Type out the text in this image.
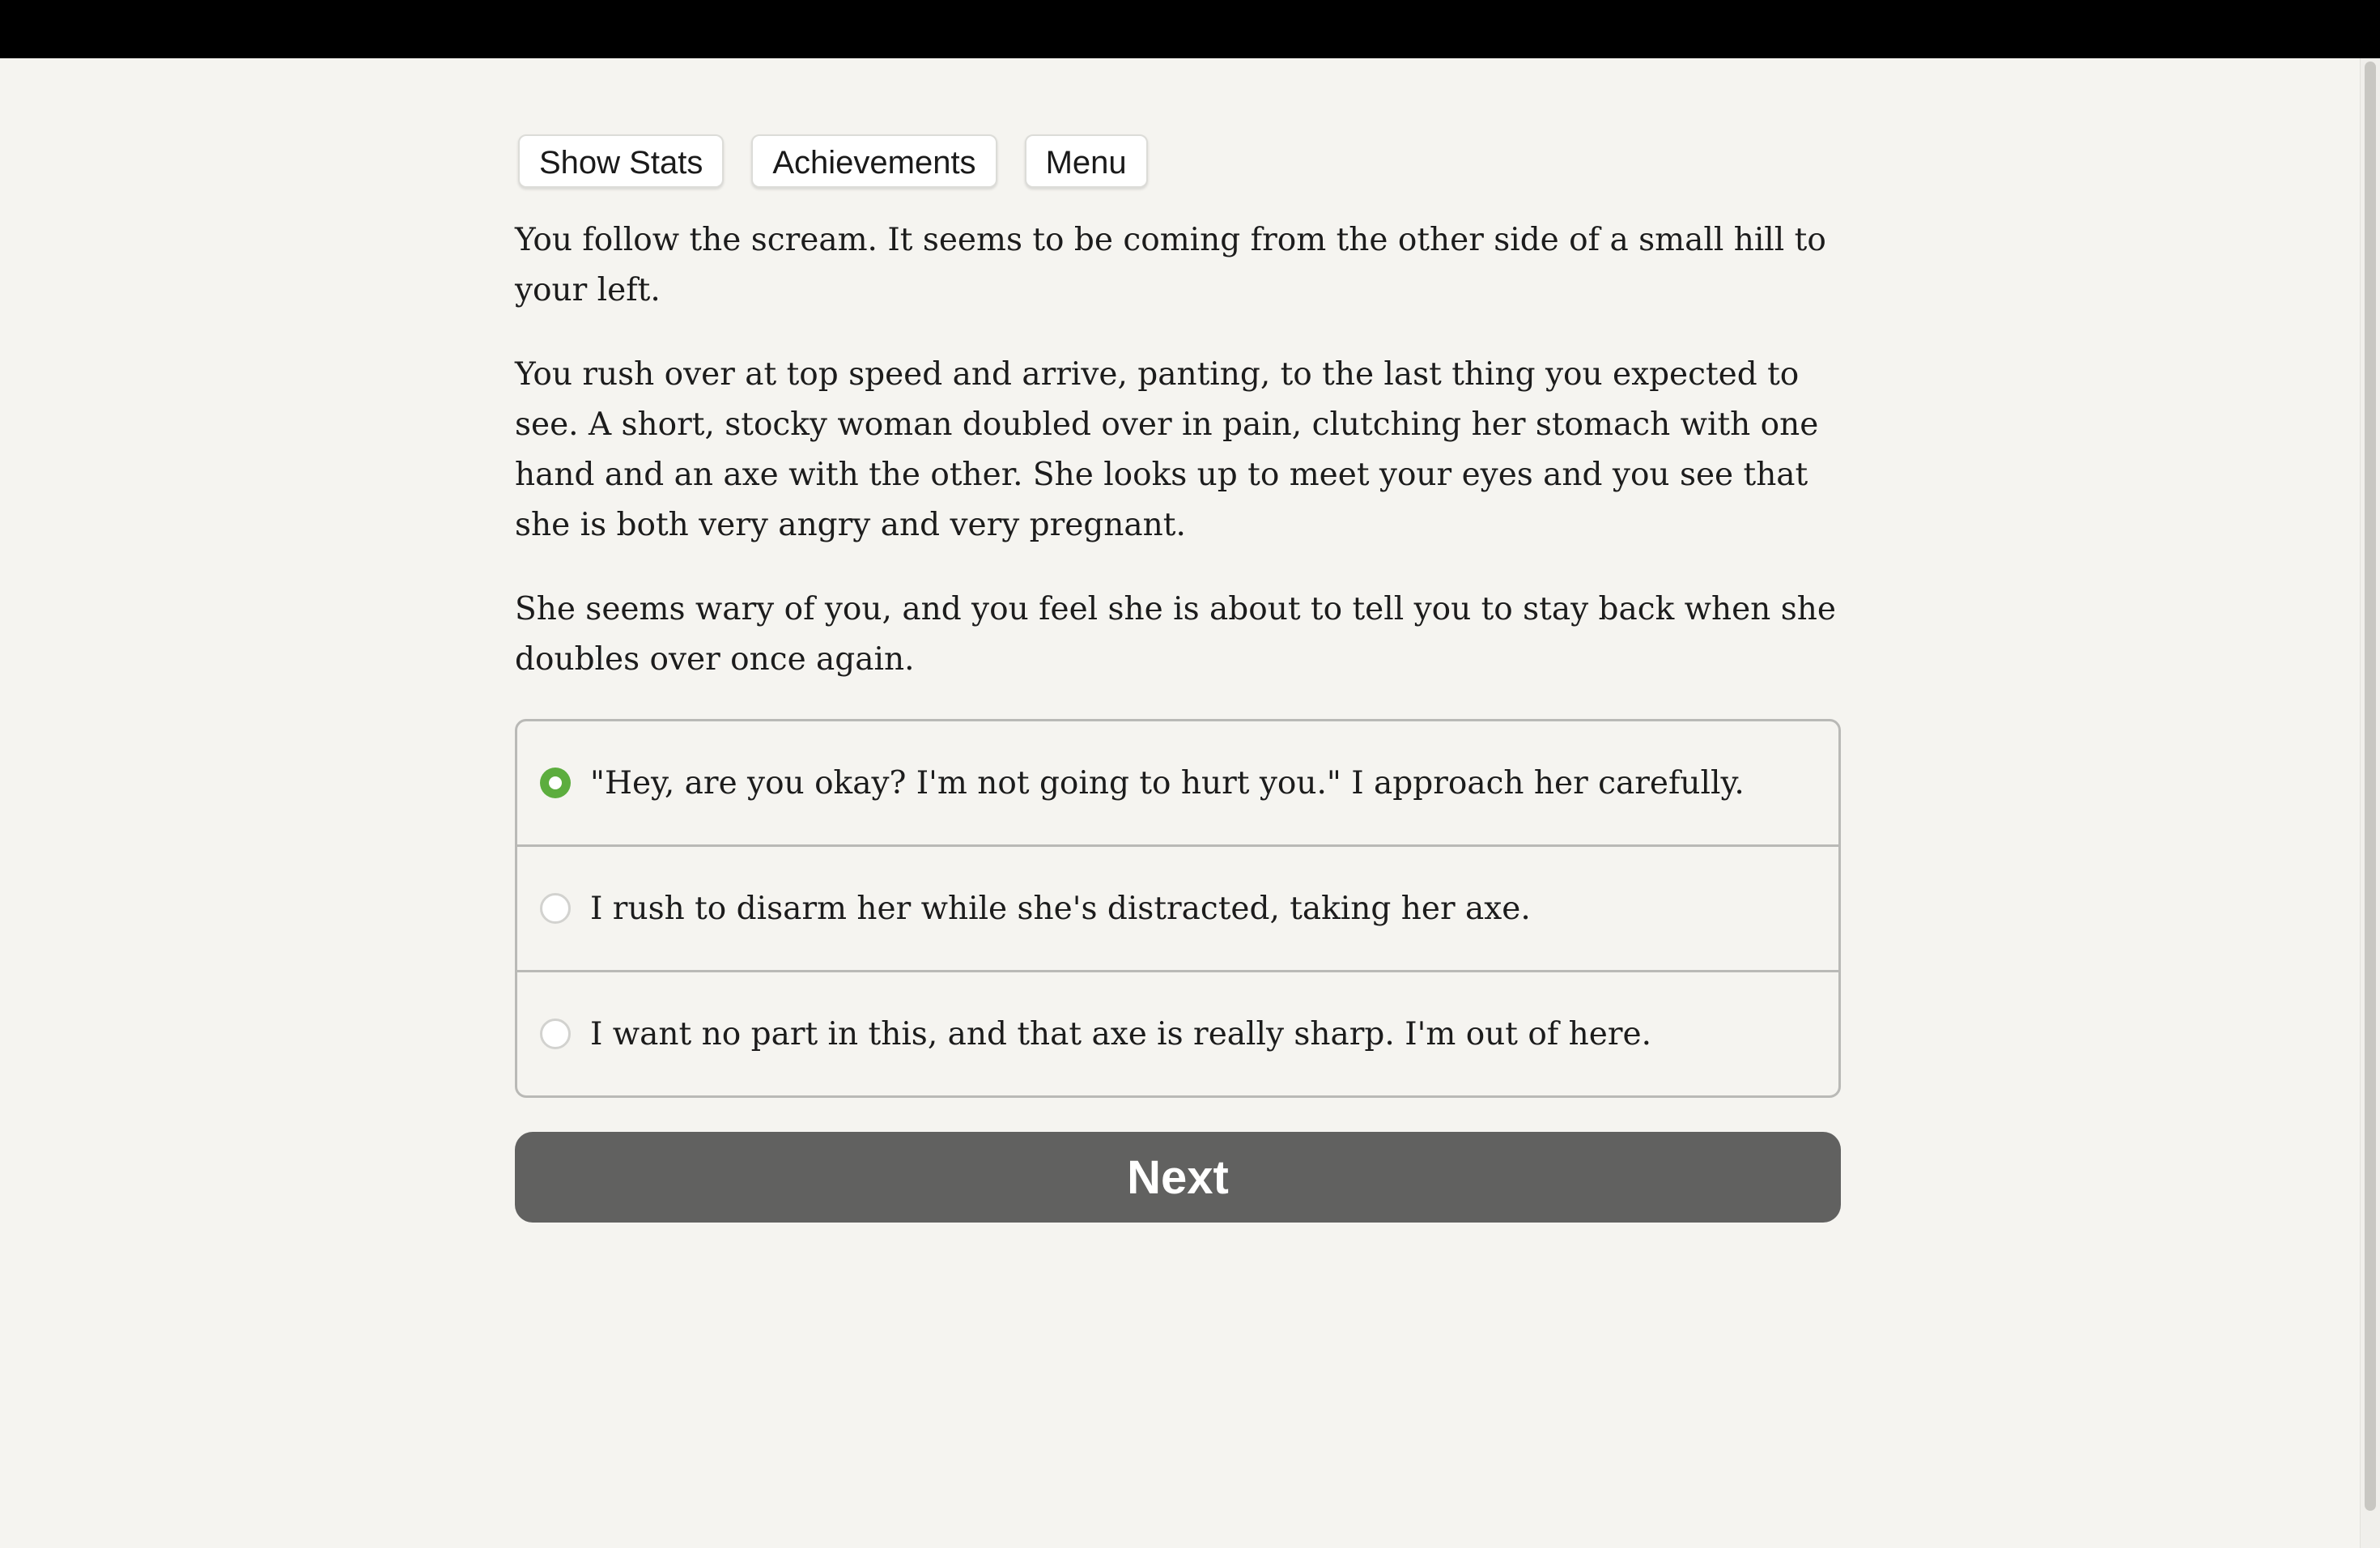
Show Stats	Achievements	Menu

You follow the scream. It seems to be coming from the other side of a small hill to your left.

You rush over at top speed and arrive, panting, to the last thing you expected to see. A short, stocky woman doubled over in pain, clutching her stomach with one hand and an axe with the other. She looks up to meet your eyes and you see that she is both very angry and very pregnant.

She seems wary of you, and you feel she is about to tell you to stay back when she doubles over once again.

"Hey, are you okay? I'm not going to hurt you." I approach her carefully.
I rush to disarm her while she's distracted, taking her axe.
I want no part in this, and that axe is really sharp. I'm out of here.
Next
